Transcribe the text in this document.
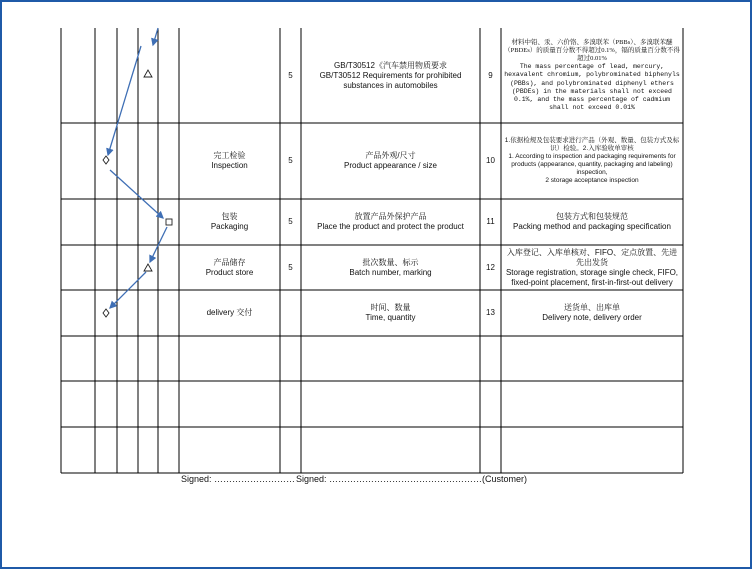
5
GB/T30512《汽车禁用物质要求
GB/T30512 Requirements for prohibited substances in automobiles
9
材料中铅、汞、六价铬、多溴联苯（PBBs）、多溴联苯醚（PBDEs）的质量百分数不得超过0.1%，镉的质量百分数不得超过0.01%
The mass percentage of lead, mercury, hexavalent chromium, polybrominated biphenyls (PBBs), and polybrominated diphenyl ethers (PBDEs) in the materials shall not exceed 0.1%, and the mass percentage of cadmium shall not exceed 0.01%
完工检验
Inspection
5
产品外观/尺寸
Product appearance / size
10
1.依据检规及包装要求进行产品（外观、数量、包装方式及标识）检验。2.入库验收单审核
1. According to inspection and packaging requirements for products (appearance, quantity, packaging and labeling) inspection,
2 storage acceptance inspection
包装
Packaging
5
放置产品外保护产品
Place the product and protect the product
11
包装方式和包装规范
Packing method and packaging specification
产品储存
Product store
5
批次数量、标示
Batch number, marking
12
入库登记、入库单核对、FIFO、定点放置、先进先出发货
Storage registration, storage single check, FIFO, fixed-point placement, first-in-first-out delivery
delivery 交付
时间、数量
Time, quantity
13
送货单、出库单
Delivery note, delivery order
Signed: ……………………… Signed: ……………………………………………(Customer)
